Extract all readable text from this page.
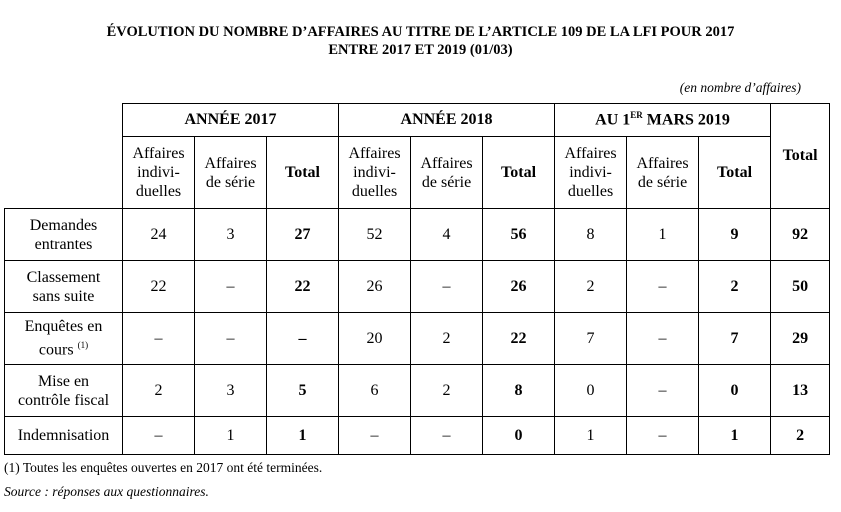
ÉVOLUTION DU NOMBRE D’AFFAIRES AU TITRE DE L’ARTICLE 109 DE LA LFI POUR 2017
ENTRE 2017 ET 2019 (01/03)
(en nombre d’affaires)
	ANNÉE 2017			ANNÉE 2018			AU 1ER MARS 2019			Total
	Affaires
indivi-
duelles	Affaires
de série	Total	Affaires
indivi-
duelles	Affaires
de série	Total	Affaires
indivi-
duelles	Affaires
de série	Total	
Demandes
entrantes	24	3	27	52	4	56	8	1	9	92
Classement
sans suite	22	–	22	26	–	26	2	–	2	50
Enquêtes en
cours $^{(1)}$	–	–	–	20	2	22	7	–	7	29
Mise en
contrôle fiscal	2	3	5	6	2	8	0	–	0	13
Indemnisation	–	1	1	–	–	0	1	–	1	2
(1) Toutes les enquêtes ouvertes en 2017 ont été terminées.
Source : réponses aux questionnaires.
